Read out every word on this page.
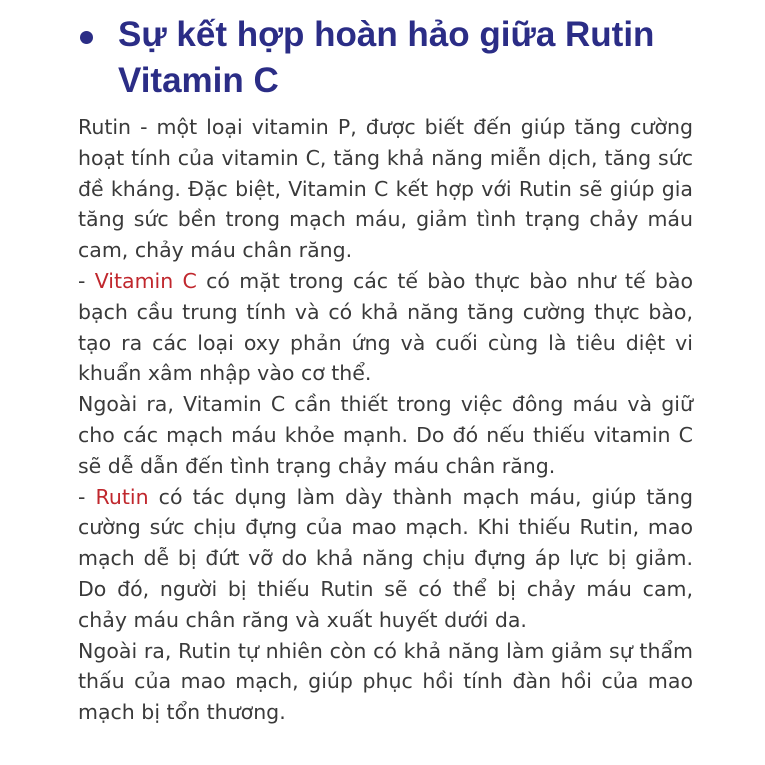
Sự kết hợp hoàn hảo giữa Rutin
Vitamin C

Rutin - một loại vitamin P, được biết đến giúp tăng cường hoạt tính của vitamin C, tăng khả năng miễn dịch, tăng sức đề kháng. Đặc biệt, Vitamin C kết hợp với Rutin sẽ giúp gia tăng sức bền trong mạch máu, giảm tình trạng chảy máu cam, chảy máu chân răng.

- Vitamin C có mặt trong các tế bào thực bào như tế bào bạch cầu trung tính và có khả năng tăng cường thực bào, tạo ra các loại oxy phản ứng và cuối cùng là tiêu diệt vi khuẩn xâm nhập vào cơ thể.

Ngoài ra, Vitamin C cần thiết trong việc đông máu và giữ cho các mạch máu khỏe mạnh. Do đó nếu thiếu vitamin C sẽ dễ dẫn đến tình trạng chảy máu chân răng.

- Rutin có tác dụng làm dày thành mạch máu, giúp tăng cường sức chịu đựng của mao mạch. Khi thiếu Rutin, mao mạch dễ bị đứt vỡ do khả năng chịu đựng áp lực bị giảm. Do đó, người bị thiếu Rutin sẽ có thể bị chảy máu cam, chảy máu chân răng và xuất huyết dưới da.

Ngoài ra, Rutin tự nhiên còn có khả năng làm giảm sự thẩm thấu của mao mạch, giúp phục hồi tính đàn hồi của mao mạch bị tổn thương.
